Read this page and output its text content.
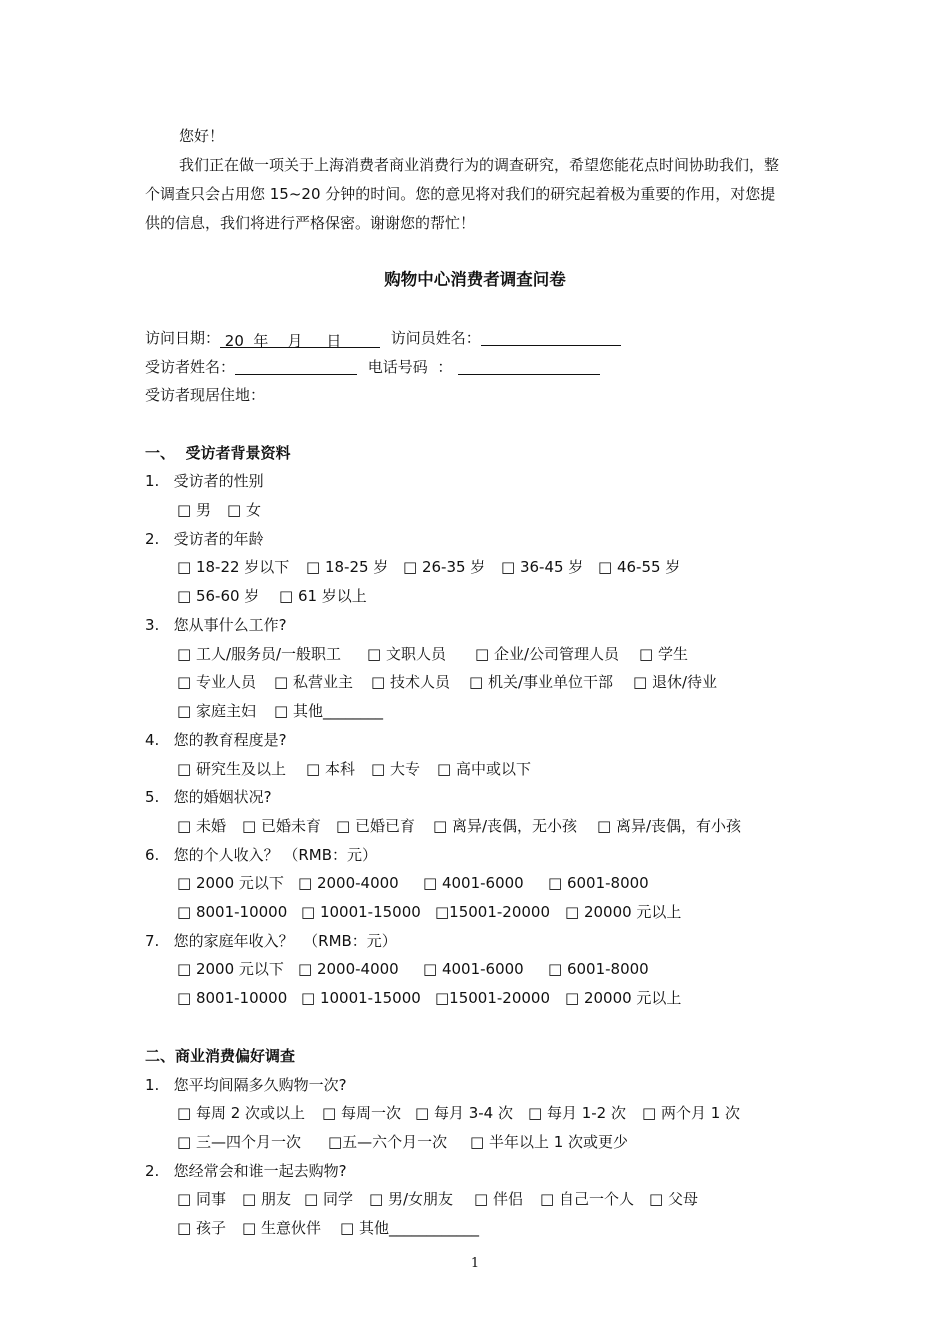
您好！
我们正在做一项关于上海消费者商业消费行为的调查研究，希望您能花点时间协助我们，整
个调查只会占用您 15~20 分钟的时间。您的意见将对我们的研究起着极为重要的作用，对您提
供的信息，我们将进行严格保密。谢谢您的帮忙！
购物中心消费者调查问卷
访问日期： 20  年    月     日	访问员姓名：
受访者姓名：	电话号码  ：
受访者现居住地：
一、  受访者背景资料
1.   受访者的性别
□ 男 □ 女
2.   受访者的年龄
□ 18-22 岁以下 □ 18-25 岁 □ 26-35 岁 □ 36-45 岁 □ 46-55 岁
□ 56-60 岁 □ 61 岁以上
3.   您从事什么工作?
□ 工人/服务员/一般职工 □ 文职人员 □ 企业/公司管理人员 □ 学生
□ 专业人员 □ 私营业主 □ 技术人员 □ 机关/事业单位干部 □ 退休/待业
□ 家庭主妇 □ 其他________
4.   您的教育程度是?
□ 研究生及以上 □ 本科 □ 大专 □ 高中或以下
5.   您的婚姻状况?
□ 未婚 □ 已婚未育 □ 已婚已育 □ 离异/丧偶，无小孩 □ 离异/丧偶，有小孩
6.   您的个人收入？ （RMB：元）
□ 2000 元以下 □ 2000-4000 □ 4001-6000 □ 6001-8000
□ 8001-10000 □ 10001-15000 □15001-20000 □ 20000 元以上
7.   您的家庭年收入？  （RMB：元）
□ 2000 元以下 □ 2000-4000 □ 4001-6000 □ 6001-8000
□ 8001-10000 □ 10001-15000 □15001-20000 □ 20000 元以上
二、商业消费偏好调查
1.   您平均间隔多久购物一次?
□ 每周 2 次或以上 □ 每周一次 □ 每月 3-4 次 □ 每月 1-2 次 □ 两个月 1 次
□ 三—四个月一次 □五—六个月一次 □ 半年以上 1 次或更少
2.   您经常会和谁一起去购物?
□ 同事 □ 朋友 □ 同学 □ 男/女朋友 □ 伴侣 □ 自己一个人 □ 父母
□ 孩子 □ 生意伙伴 □ 其他____________
1
